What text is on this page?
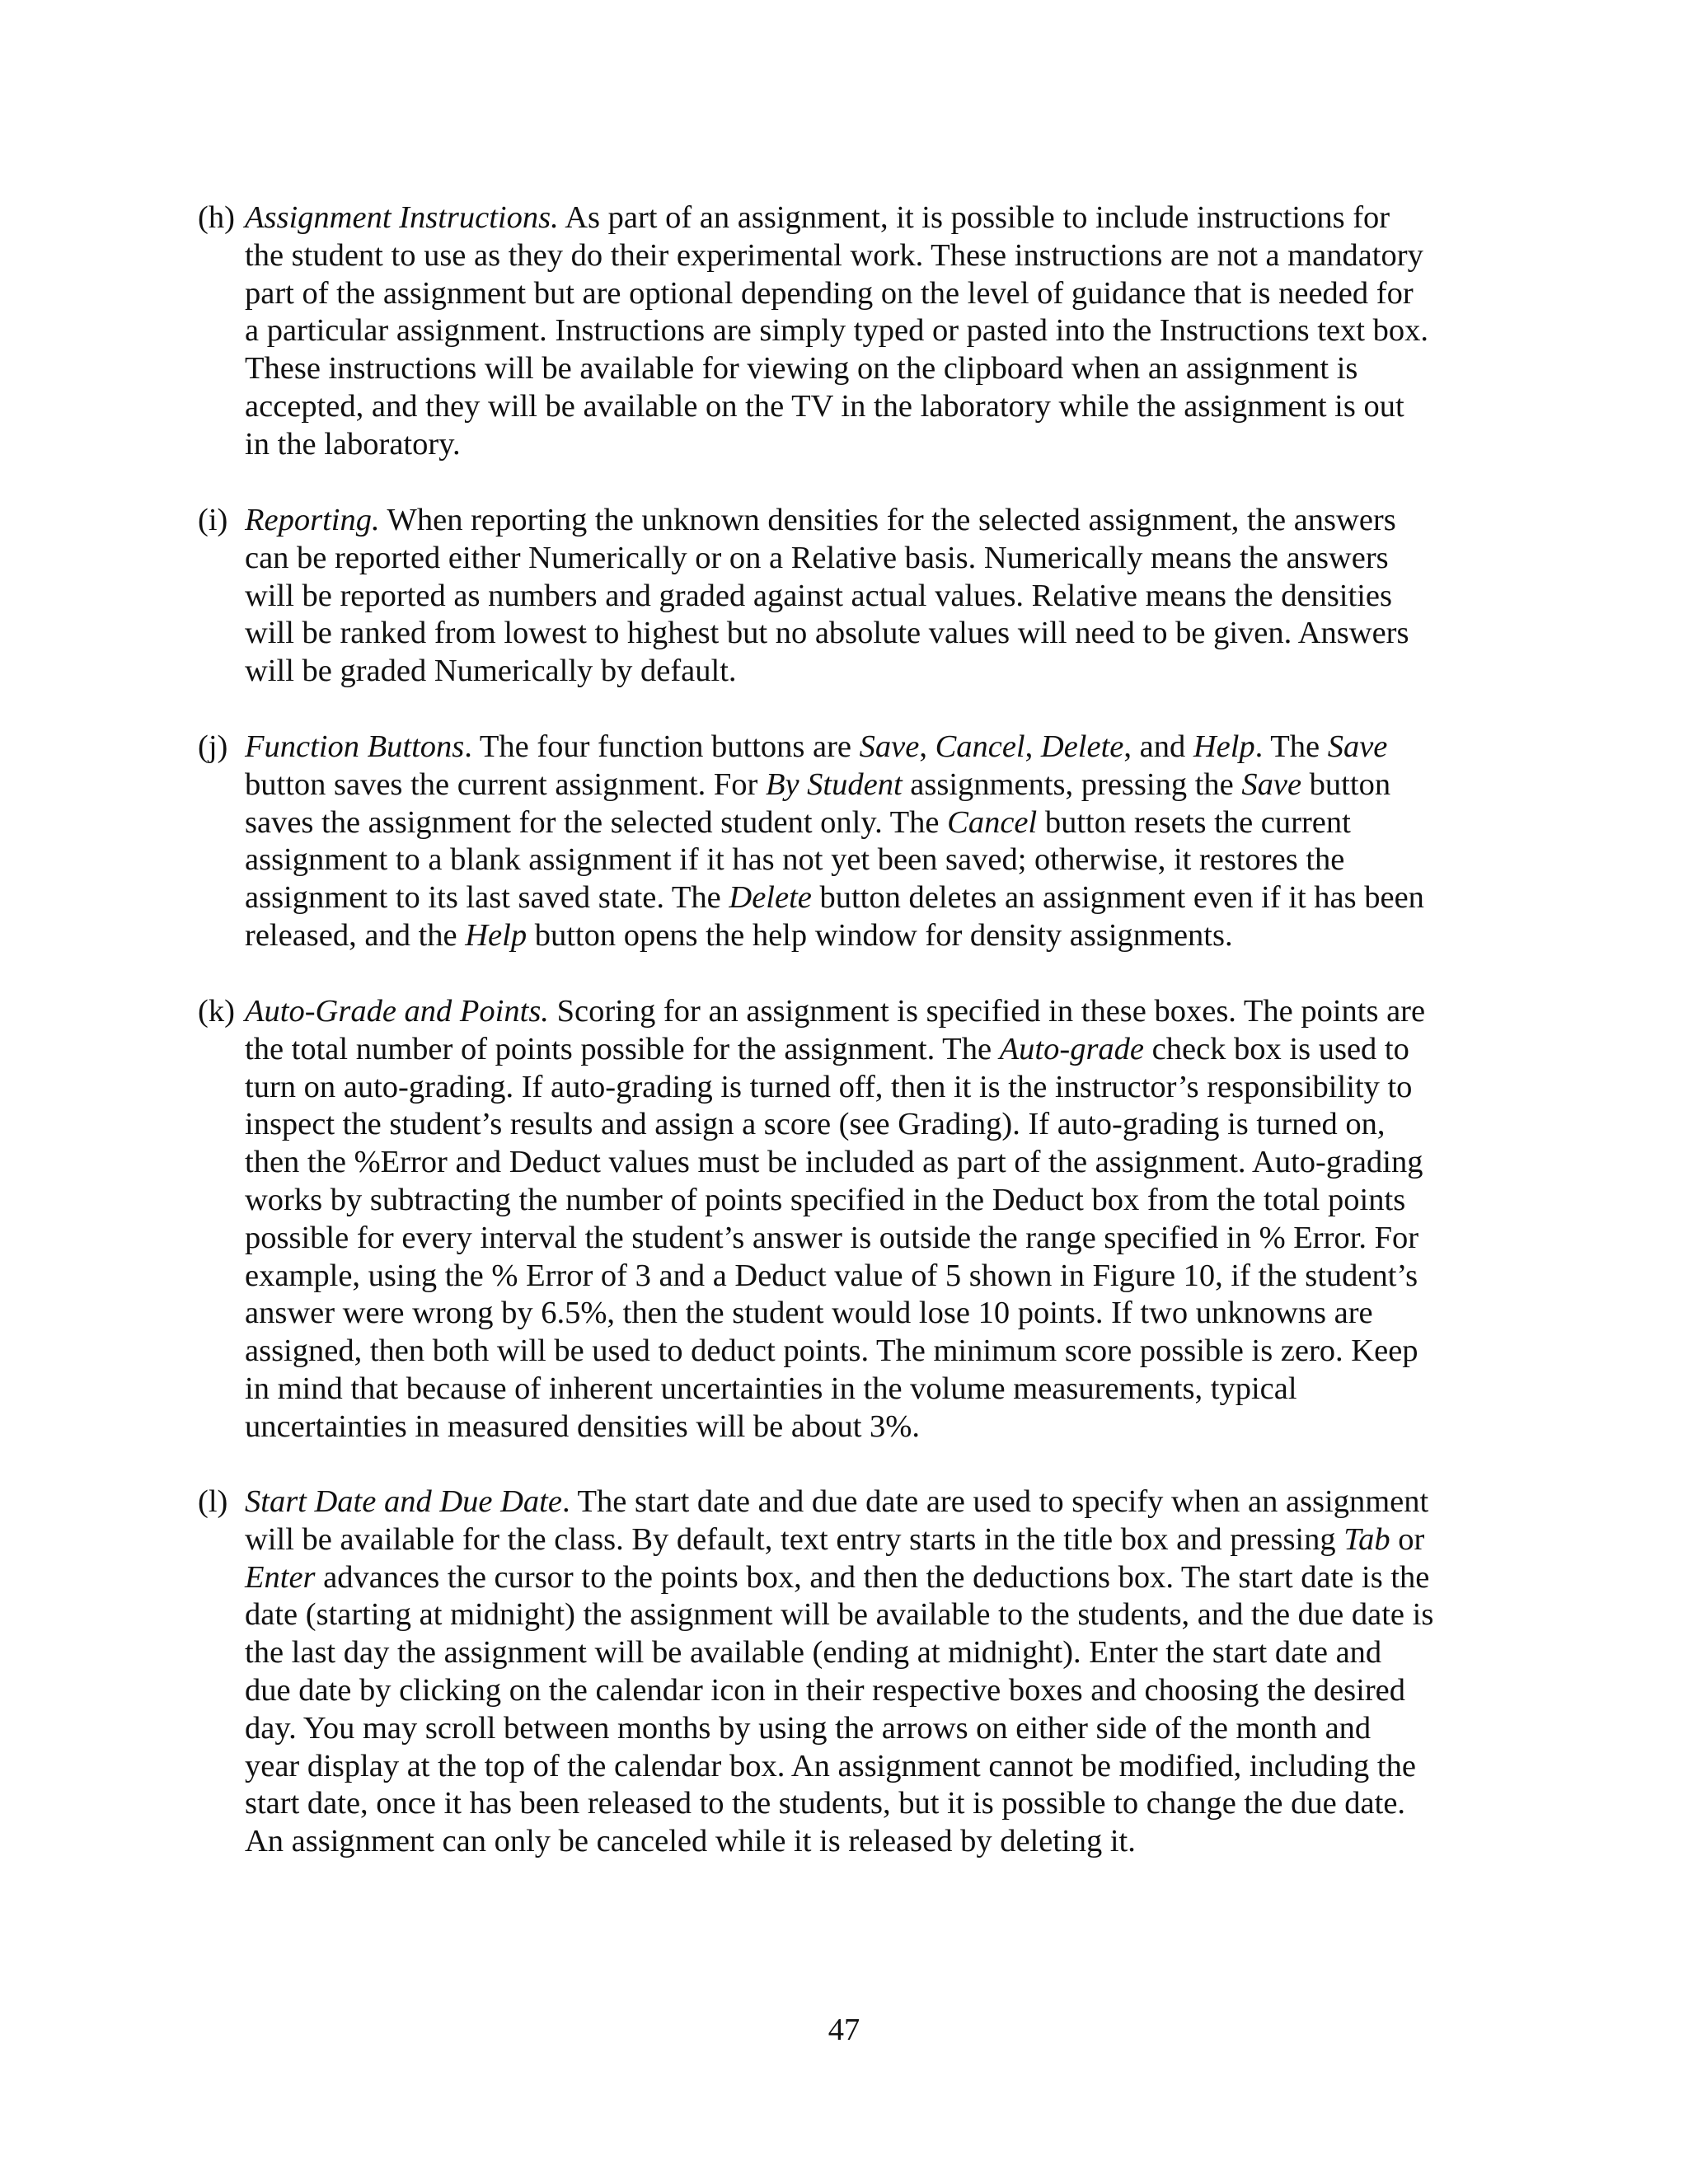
(h) Assignment Instructions. As part of an assignment, it is possible to include instructions for
the student to use as they do their experimental work. These instructions are not a mandatory
part of the assignment but are optional depending on the level of guidance that is needed for
a particular assignment. Instructions are simply typed or pasted into the Instructions text box.
These instructions will be available for viewing on the clipboard when an assignment is
accepted, and they will be available on the TV in the laboratory while the assignment is out
in the laboratory.
(i) Reporting. When reporting the unknown densities for the selected assignment, the answers
can be reported either Numerically or on a Relative basis. Numerically means the answers
will be reported as numbers and graded against actual values. Relative means the densities
will be ranked from lowest to highest but no absolute values will need to be given. Answers
will be graded Numerically by default.
(j) Function Buttons. The four function buttons are Save, Cancel, Delete, and Help. The Save
button saves the current assignment. For By Student assignments, pressing the Save button
saves the assignment for the selected student only. The Cancel button resets the current
assignment to a blank assignment if it has not yet been saved; otherwise, it restores the
assignment to its last saved state. The Delete button deletes an assignment even if it has been
released, and the Help button opens the help window for density assignments.
(k) Auto-Grade and Points. Scoring for an assignment is specified in these boxes. The points are
the total number of points possible for the assignment. The Auto-grade check box is used to
turn on auto-grading. If auto-grading is turned off, then it is the instructor’s responsibility to
inspect the student’s results and assign a score (see Grading). If auto-grading is turned on,
then the %Error and Deduct values must be included as part of the assignment. Auto-grading
works by subtracting the number of points specified in the Deduct box from the total points
possible for every interval the student’s answer is outside the range specified in % Error. For
example, using the % Error of 3 and a Deduct value of 5 shown in Figure 10, if the student’s
answer were wrong by 6.5%, then the student would lose 10 points. If two unknowns are
assigned, then both will be used to deduct points. The minimum score possible is zero. Keep
in mind that because of inherent uncertainties in the volume measurements, typical
uncertainties in measured densities will be about 3%.
(l) Start Date and Due Date. The start date and due date are used to specify when an assignment
will be available for the class. By default, text entry starts in the title box and pressing Tab or
Enter advances the cursor to the points box, and then the deductions box. The start date is the
date (starting at midnight) the assignment will be available to the students, and the due date is
the last day the assignment will be available (ending at midnight). Enter the start date and
due date by clicking on the calendar icon in their respective boxes and choosing the desired
day. You may scroll between months by using the arrows on either side of the month and
year display at the top of the calendar box. An assignment cannot be modified, including the
start date, once it has been released to the students, but it is possible to change the due date.
An assignment can only be canceled while it is released by deleting it.
47
